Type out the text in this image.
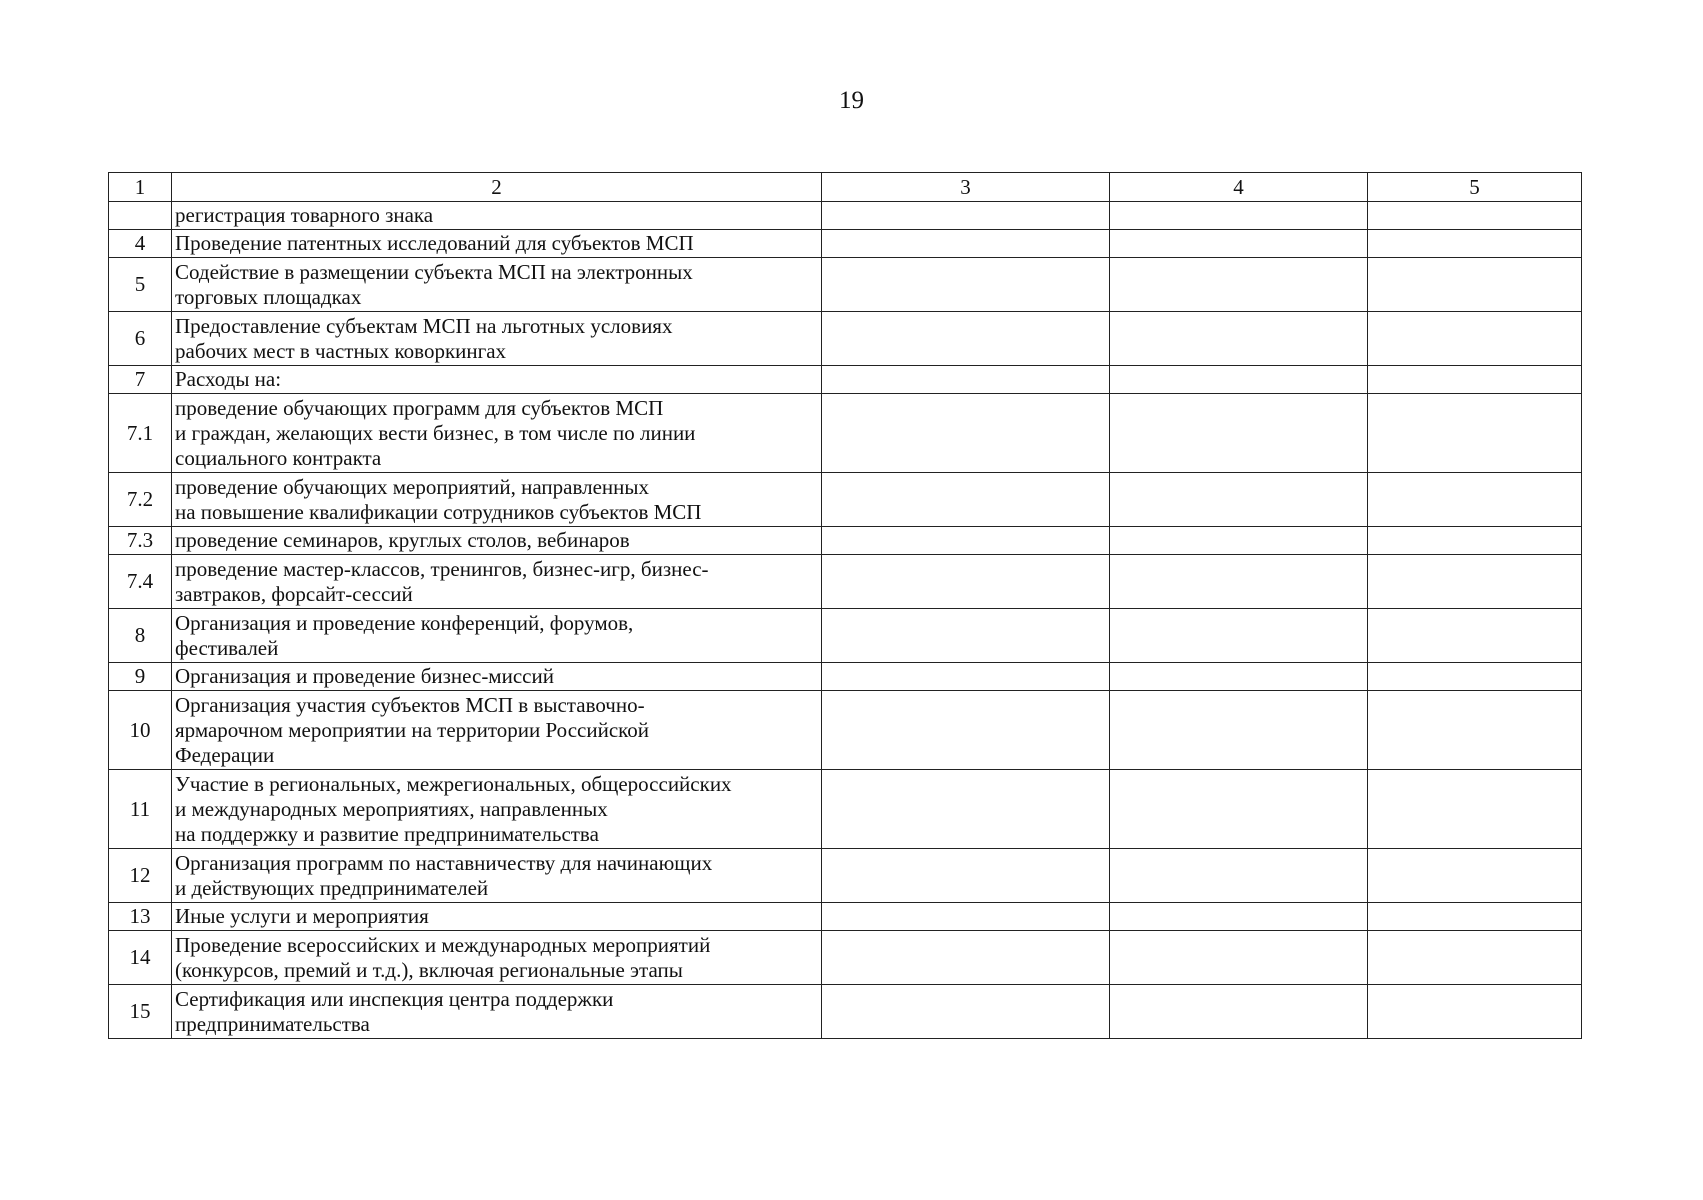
19
1	2	3	4	5
	регистрация товарного знака			
4	Проведение патентных исследований для субъектов МСП			
5	Содействие в размещении субъекта МСП на электронных
торговых площадках			
6	Предоставление субъектам МСП на льготных условиях
рабочих мест в частных коворкингах			
7	Расходы на:			
7.1	проведение обучающих программ для субъектов МСП
и граждан, желающих вести бизнес, в том числе по линии
социального контракта			
7.2	проведение обучающих мероприятий, направленных
на повышение квалификации сотрудников субъектов МСП			
7.3	проведение семинаров, круглых столов, вебинаров			
7.4	проведение мастер-классов, тренингов, бизнес-игр, бизнес-
завтраков, форсайт-сессий			
8	Организация и проведение конференций, форумов,
фестивалей			
9	Организация и проведение бизнес-миссий			
10	Организация участия субъектов МСП в выставочно-
ярмарочном мероприятии на территории Российской
Федерации			
11	Участие в региональных, межрегиональных, общероссийских
и международных мероприятиях, направленных
на поддержку и развитие предпринимательства			
12	Организация программ по наставничеству для начинающих
и действующих предпринимателей			
13	Иные услуги и мероприятия			
14	Проведение всероссийских и международных мероприятий
(конкурсов, премий и т.д.), включая региональные этапы			
15	Сертификация или инспекция центра поддержки
предпринимательства			
